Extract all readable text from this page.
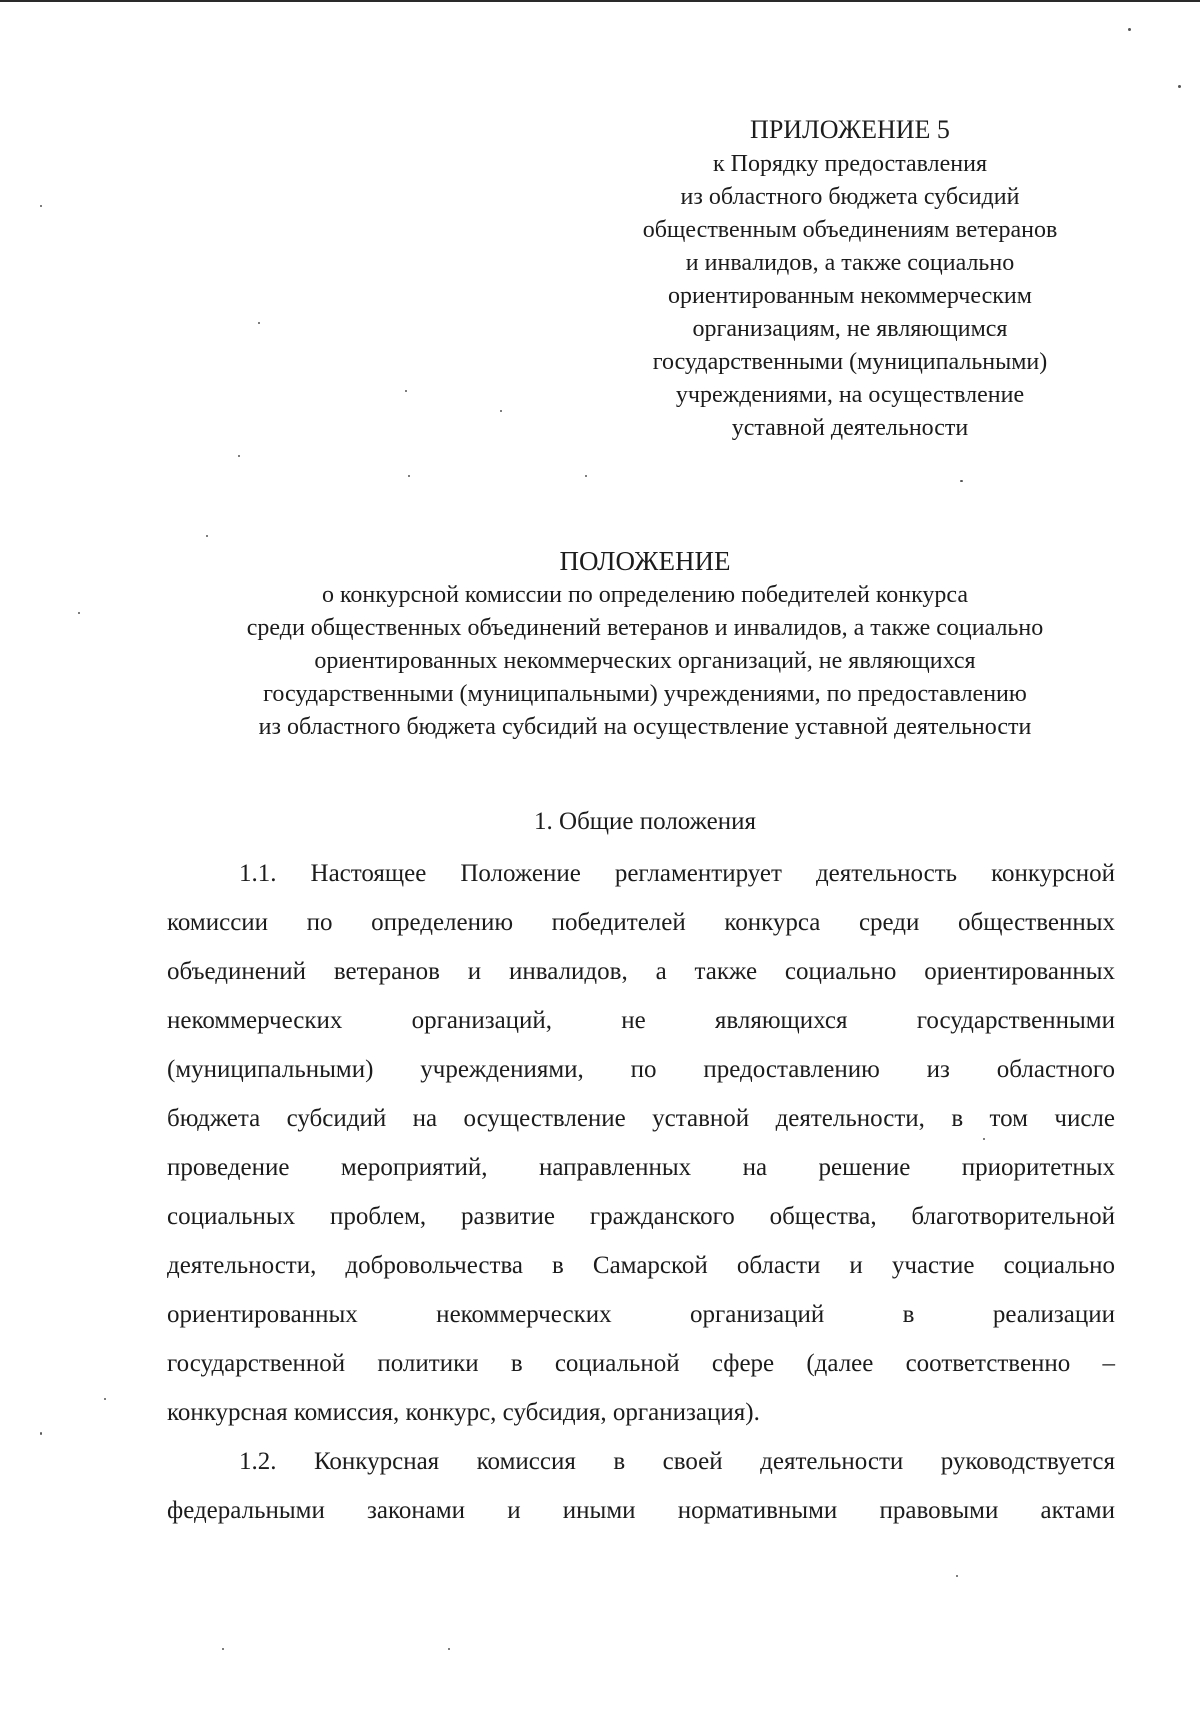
ПРИЛОЖЕНИЕ 5
к Порядку предоставления
из областного бюджета субсидий
общественным объединениям ветеранов
и инвалидов, а также социально
ориентированным некоммерческим
организациям, не являющимся
государственными (муниципальными)
учреждениями, на осуществление
уставной деятельности
ПОЛОЖЕНИЕ
о конкурсной комиссии по определению победителей конкурса
среди общественных объединений ветеранов и инвалидов, а также социально
ориентированных некоммерческих организаций, не являющихся
государственными (муниципальными) учреждениями, по предоставлению
из областного бюджета субсидий на осуществление уставной деятельности
1. Общие положения
1.1. Настоящее Положение регламентирует деятельность конкурсной
комиссии по определению победителей конкурса среди общественных
объединений ветеранов и инвалидов, а также социально ориентированных
некоммерческих организаций, не являющихся государственными
(муниципальными) учреждениями, по предоставлению из областного
бюджета субсидий на осуществление уставной деятельности, в том числе
проведение мероприятий, направленных на решение приоритетных
социальных проблем, развитие гражданского общества, благотворительной
деятельности, добровольчества в Самарской области и участие социально
ориентированных некоммерческих организаций в реализации
государственной политики в социальной сфере (далее соответственно –
конкурсная комиссия, конкурс, субсидия, организация).
1.2. Конкурсная комиссия в своей деятельности руководствуется
федеральными законами и иными нормативными правовыми актами
